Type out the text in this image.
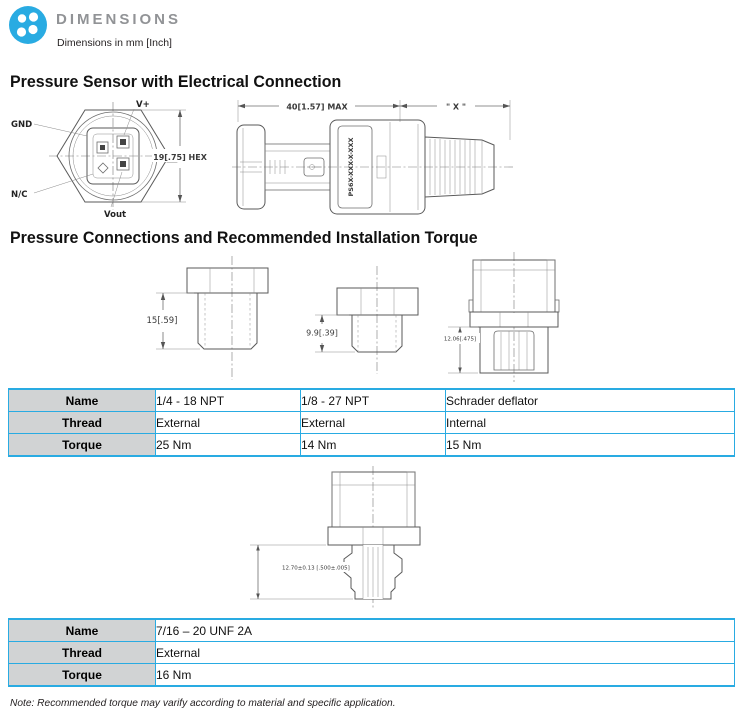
DIMENSIONS
Dimensions in mm [Inch]
Pressure Sensor with Electrical Connection
GND
V+
N/C
Vout
19[.75] HEX
40[1.57] MAX	" X "
PS6X-XXX-X-XXX
Pressure Connections and Recommended Installation Torque
15[.59]
9.9[.39]
12.06[.475]
Name	1/4 - 18 NPT	1/8 - 27 NPT	Schrader deflator
Thread	External	External	Internal
Torque	25 Nm	14 Nm	15 Nm
12.70±0.13 [.500±.005]
Name	7/16 – 20 UNF 2A
Thread	External
Torque	16 Nm
Note: Recommended torque may varify according to material and specific application.
